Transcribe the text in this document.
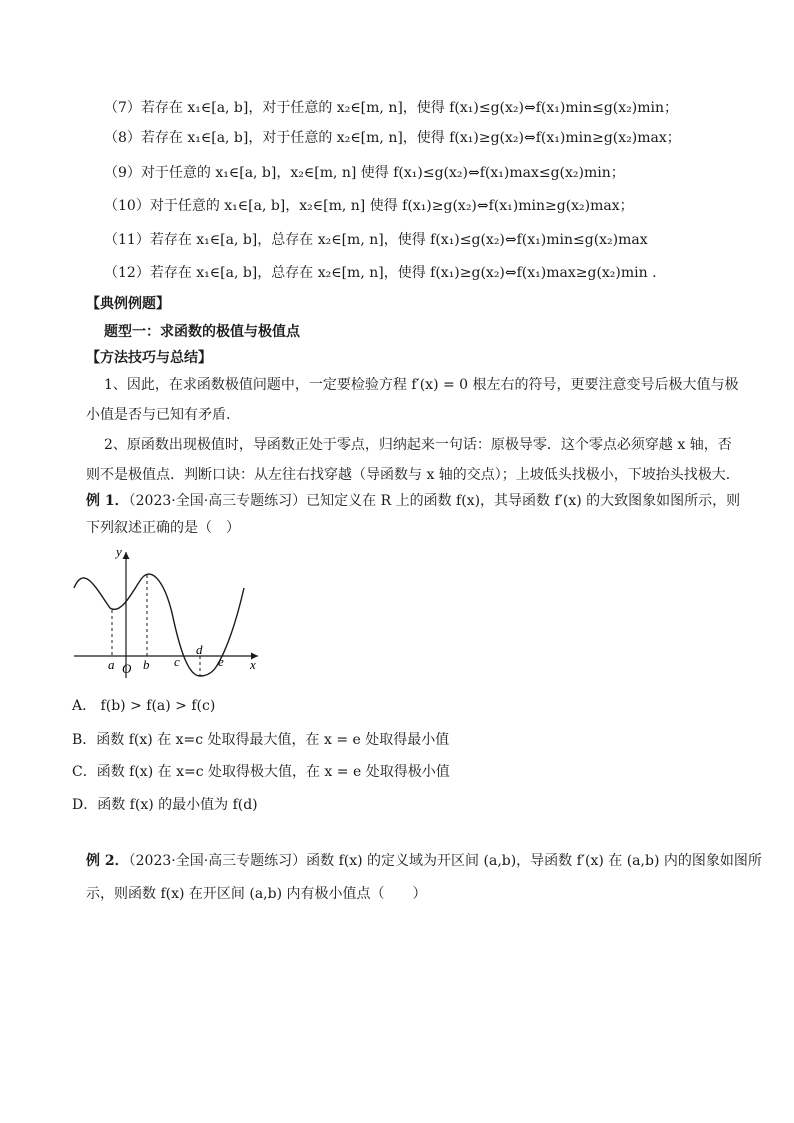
（7）若存在 x₁∈[a, b]，对于任意的 x₂∈[m, n]，使得 f(x₁)≤g(x₂)⇔f(x₁)min≤g(x₂)min；
（8）若存在 x₁∈[a, b]，对于任意的 x₂∈[m, n]，使得 f(x₁)≥g(x₂)⇔f(x₁)min≥g(x₂)max；
（9）对于任意的 x₁∈[a, b]，x₂∈[m, n] 使得 f(x₁)≤g(x₂)⇔f(x₁)max≤g(x₂)min；
（10）对于任意的 x₁∈[a, b]，x₂∈[m, n] 使得 f(x₁)≥g(x₂)⇔f(x₁)min≥g(x₂)max；
（11）若存在 x₁∈[a, b]，总存在 x₂∈[m, n]，使得 f(x₁)≤g(x₂)⇔f(x₁)min≤g(x₂)max
（12）若存在 x₁∈[a, b]，总存在 x₂∈[m, n]，使得 f(x₁)≥g(x₂)⇔f(x₁)max≥g(x₂)min .
【典例例题】
题型一：求函数的极值与极值点
【方法技巧与总结】
1、因此，在求函数极值问题中，一定要检验方程 f′(x) = 0 根左右的符号，更要注意变号后极大值与极
小值是否与已知有矛盾.
2、原函数出现极值时，导函数正处于零点，归纳起来一句话：原极导零．这个零点必须穿越 x 轴，否
则不是极值点．判断口诀：从左往右找穿越（导函数与 x 轴的交点）；上坡低头找极小，下坡抬头找极大．
例 1．（2023·全国·高三专题练习）已知定义在 R 上的函数 f(x)，其导函数 f′(x) 的大致图象如图所示，则
下列叙述正确的是（　）
y
x
O
a b c
d
e
A． f(b) > f(a) > f(c)
B．函数 f(x) 在 x=c 处取得最大值，在 x = e 处取得最小值
C．函数 f(x) 在 x=c 处取得极大值，在 x = e 处取得极小值
D．函数 f(x) 的最小值为 f(d)
例 2．（2023·全国·高三专题练习）函数 f(x) 的定义域为开区间 (a,b)，导函数 f′(x) 在 (a,b) 内的图象如图所
示，则函数 f(x) 在开区间 (a,b) 内有极小值点（　　）
